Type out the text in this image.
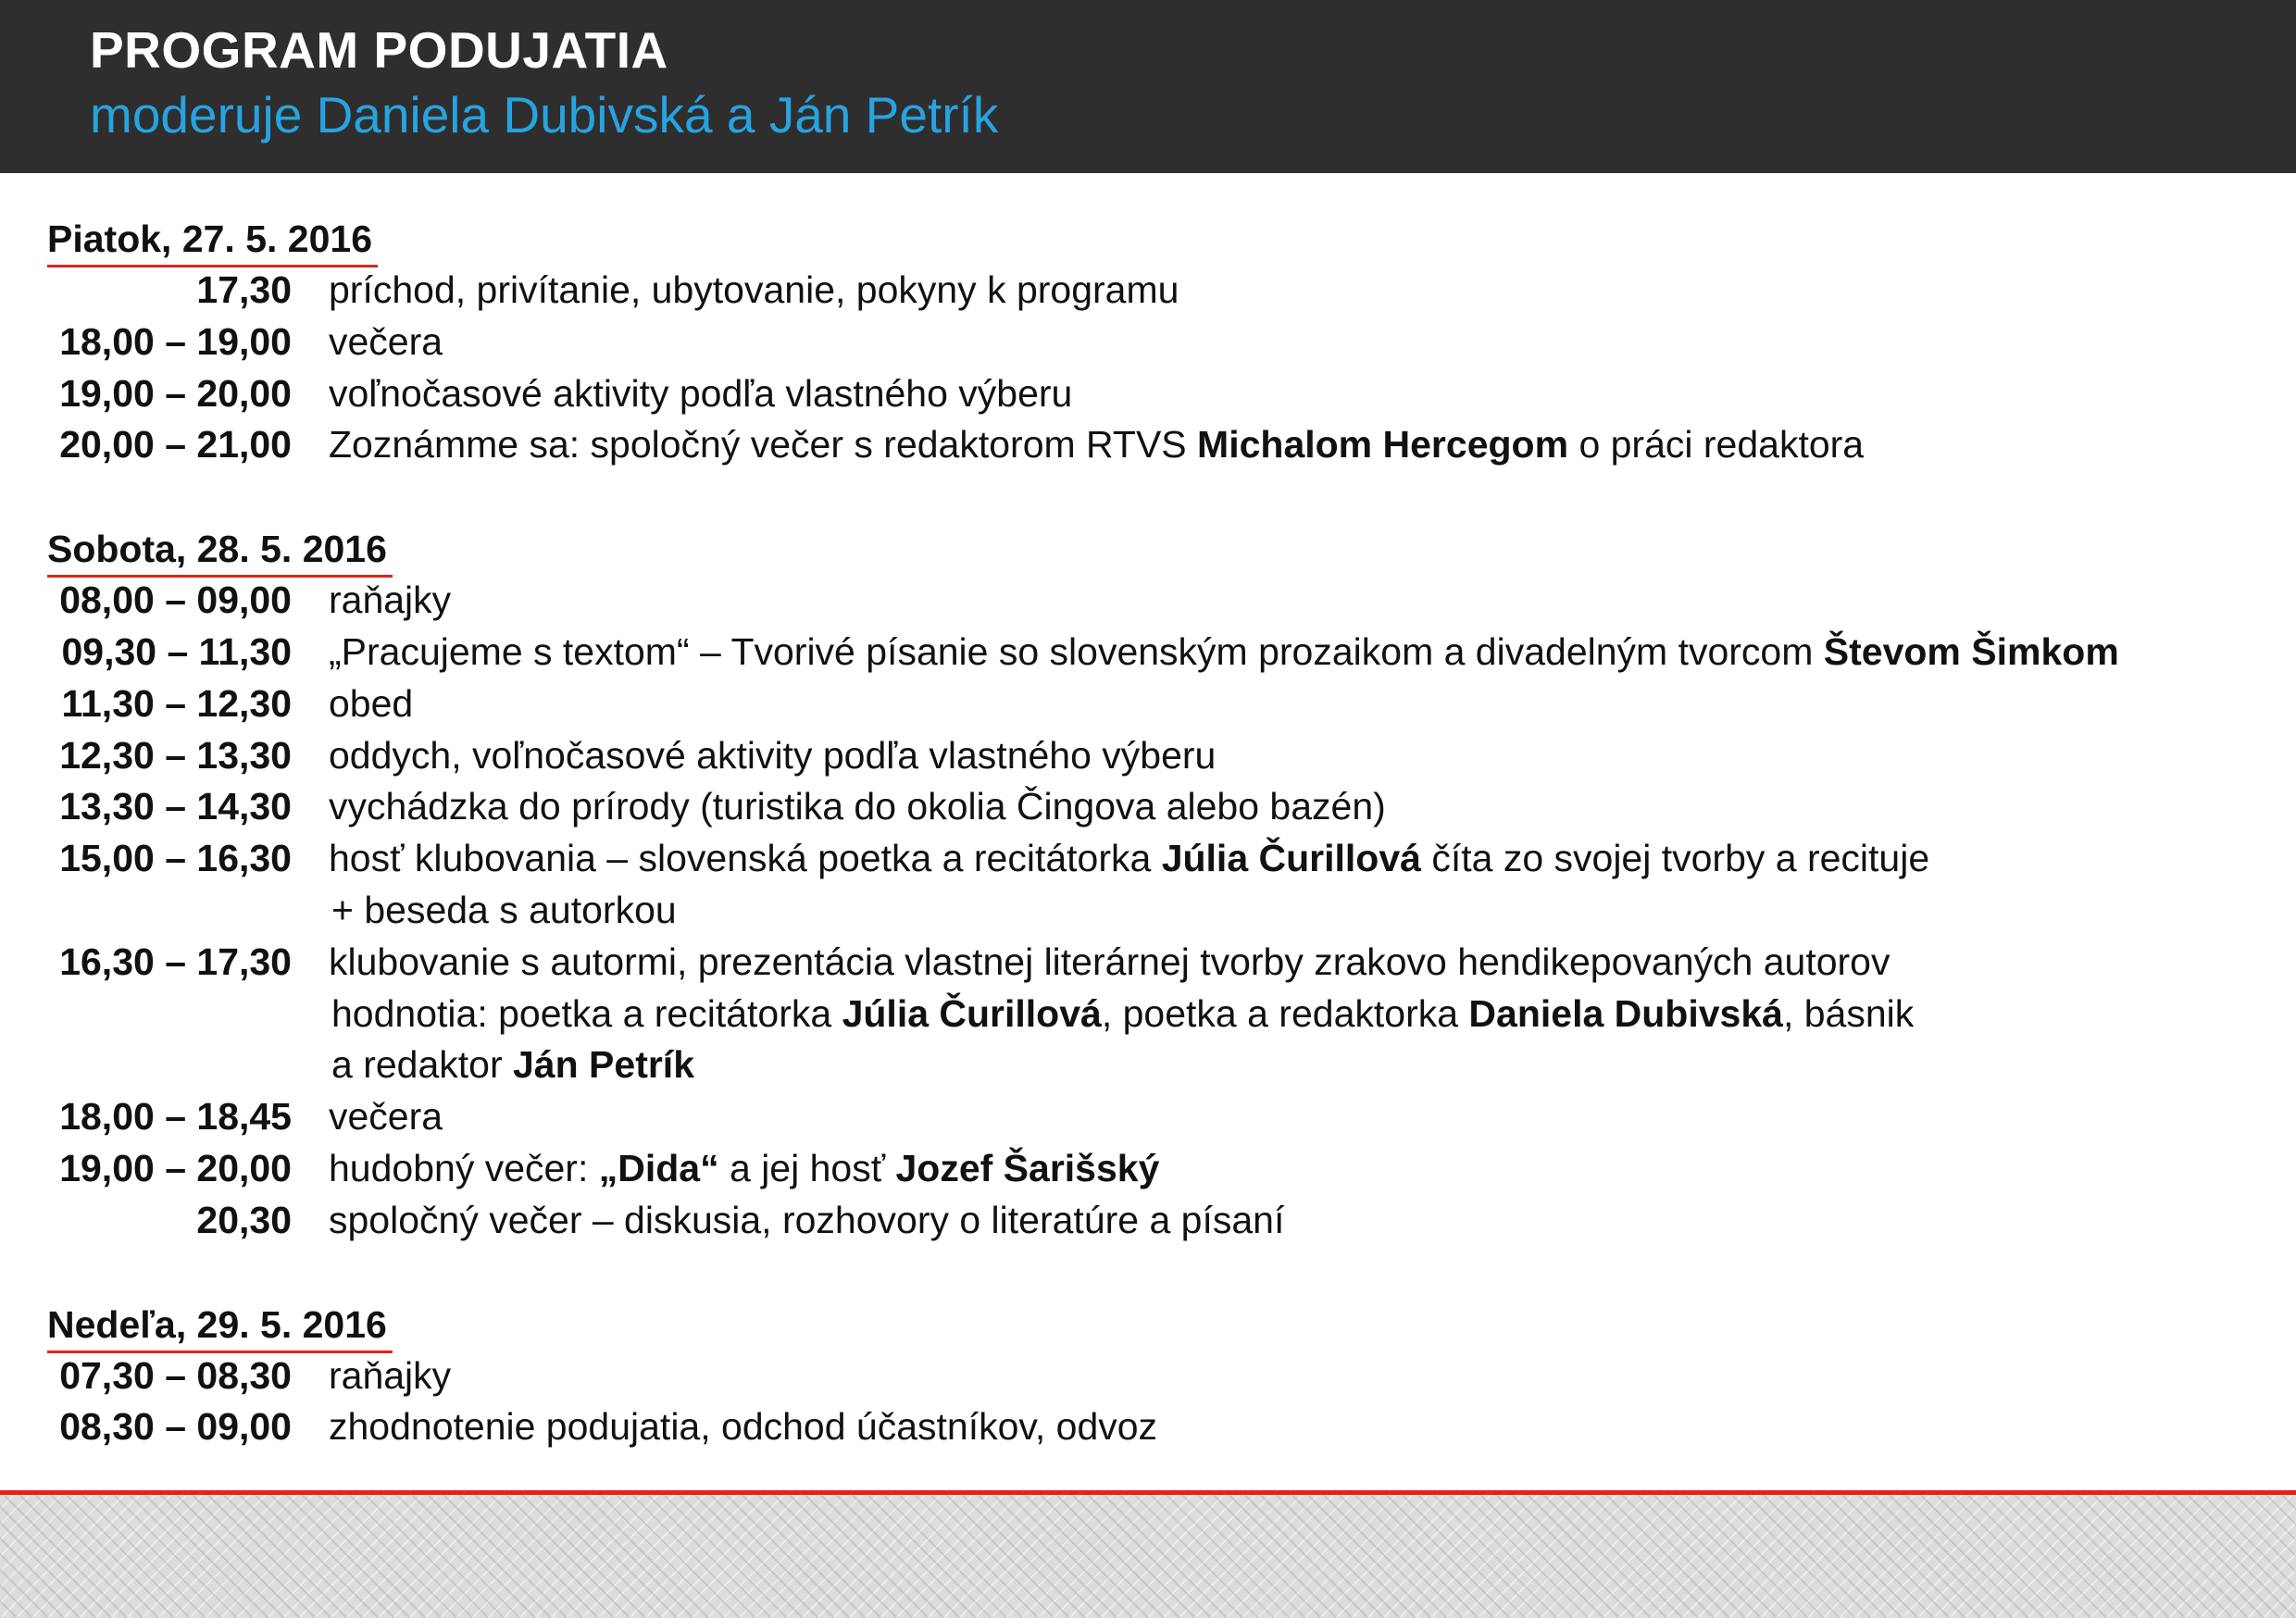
PROGRAM PODUJATIA
moderuje Daniela Dubivská a Ján Petrík
Piatok, 27. 5. 2016
17,30 príchod, privítanie, ubytovanie, pokyny k programu
18,00 – 19,00 večera
19,00 – 20,00 voľnočasové aktivity podľa vlastného výberu
20,00 – 21,00 Zoznámme sa: spoločný večer s redaktorom RTVS Michalom Hercegom o práci redaktora
Sobota, 28. 5. 2016
08,00 – 09,00 raňajky
09,30 – 11,30 „Pracujeme s textom“ – Tvorivé písanie so slovenským prozaikom a divadelným tvorcom Števom Šimkom
11,30 – 12,30 obed
12,30 – 13,30 oddych, voľnočasové aktivity podľa vlastného výberu
13,30 – 14,30 vychádzka do prírody (turistika do okolia Čingova alebo bazén)
15,00 – 16,30 hosť klubovania – slovenská poetka a recitátorka Júlia Čurillová číta zo svojej tvorby a recituje
+ beseda s autorkou
16,30 – 17,30 klubovanie s autormi, prezentácia vlastnej literárnej tvorby zrakovo hendikepovaných autorov
hodnotia: poetka a recitátorka Júlia Čurillová, poetka a redaktorka Daniela Dubivská, básnik
a redaktor Ján Petrík
18,00 – 18,45 večera
19,00 – 20,00 hudobný večer: „Dida“ a jej hosť Jozef Šarišský
20,30 spoločný večer – diskusia, rozhovory o literatúre a písaní
Nedeľa, 29. 5. 2016
07,30 – 08,30 raňajky
08,30 – 09,00 zhodnotenie podujatia, odchod účastníkov, odvoz
